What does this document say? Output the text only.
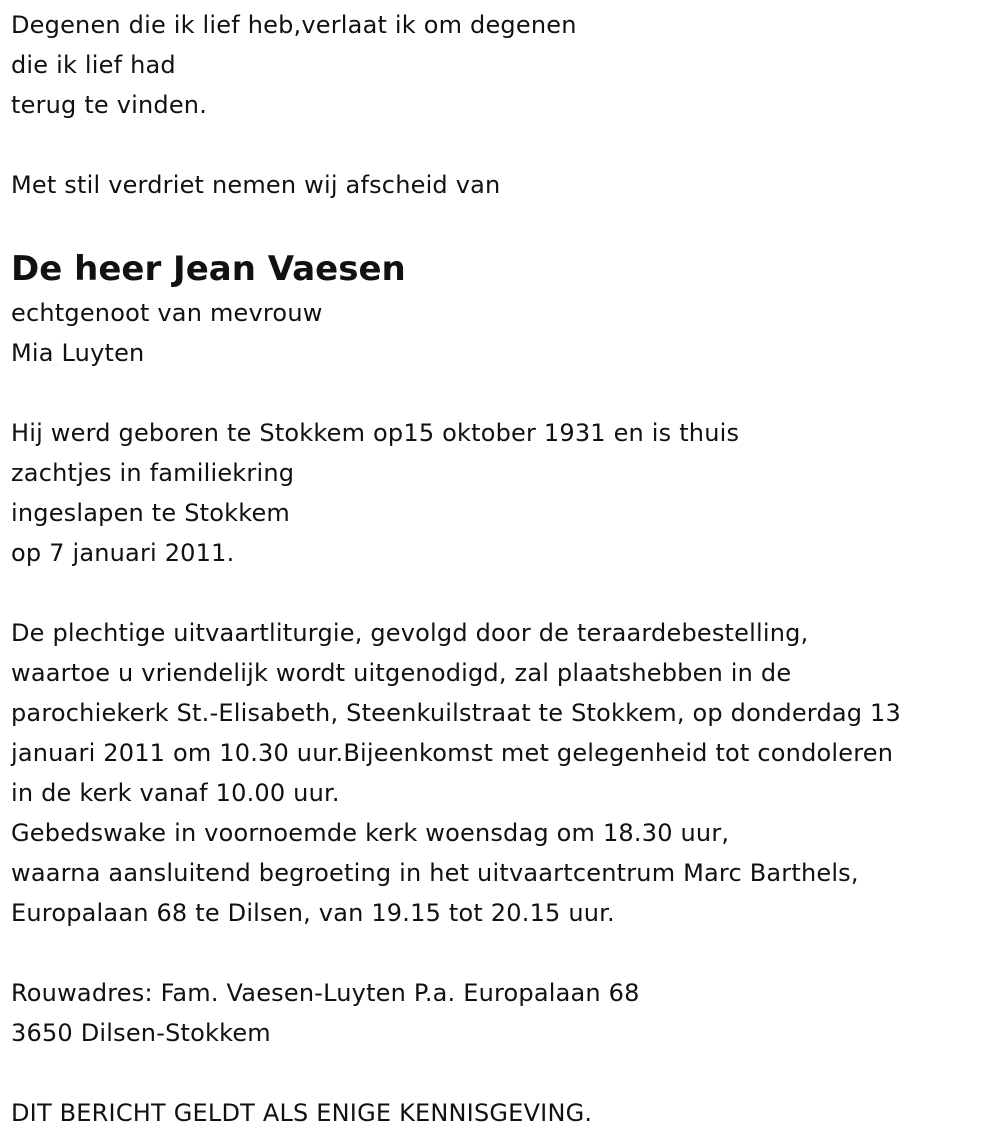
Degenen die ik lief heb,verlaat ik om degenen
die ik lief had
terug te vinden.
Met stil verdriet nemen wij afscheid van
De heer Jean Vaesen
echtgenoot van mevrouw
Mia Luyten
Hij werd geboren te Stokkem op15 oktober 1931 en is thuis
zachtjes in familiekring
ingeslapen te Stokkem
op 7 januari 2011.
De plechtige uitvaartliturgie, gevolgd door de teraardebestelling,
waartoe u vriendelijk wordt uitgenodigd, zal plaatshebben in de
parochiekerk St.-Elisabeth, Steenkuilstraat te Stokkem, op donderdag 13
januari 2011 om 10.30 uur.Bijeenkomst met gelegenheid tot condoleren
in de kerk vanaf 10.00 uur.
Gebedswake in voornoemde kerk woensdag om 18.30 uur,
waarna aansluitend begroeting in het uitvaartcentrum Marc Barthels,
Europalaan 68 te Dilsen, van 19.15 tot 20.15 uur.
Rouwadres: Fam. Vaesen-Luyten P.a. Europalaan 68
3650 Dilsen-Stokkem
DIT BERICHT GELDT ALS ENIGE KENNISGEVING.
